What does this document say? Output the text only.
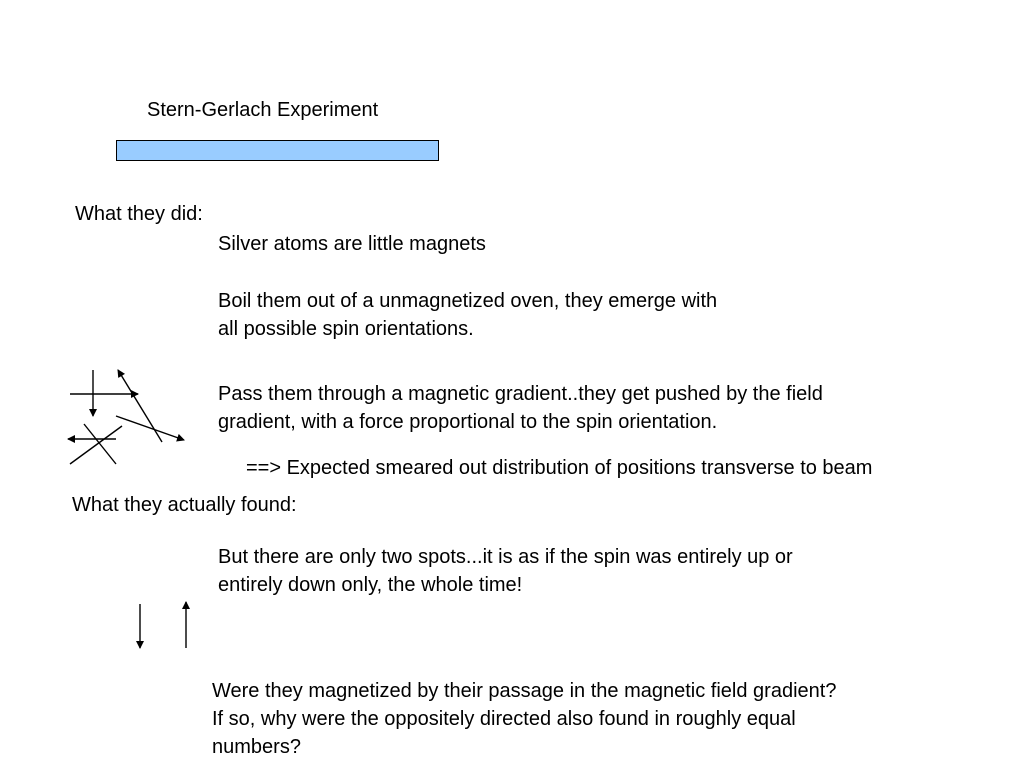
Stern-Gerlach Experiment
What they did:
Silver atoms are little magnets
Boil them out of a unmagnetized oven, they emerge with
all possible spin orientations.
Pass them through a magnetic gradient..they get pushed by the field
gradient, with a force proportional to the spin orientation.
==> Expected smeared out distribution of positions transverse to beam
What they actually found:
But there are only two spots...it is as if the spin was entirely up or
entirely down only, the whole time!
Were they magnetized by their passage in the magnetic field gradient?
If so, why were the oppositely directed also found in roughly equal
numbers?
